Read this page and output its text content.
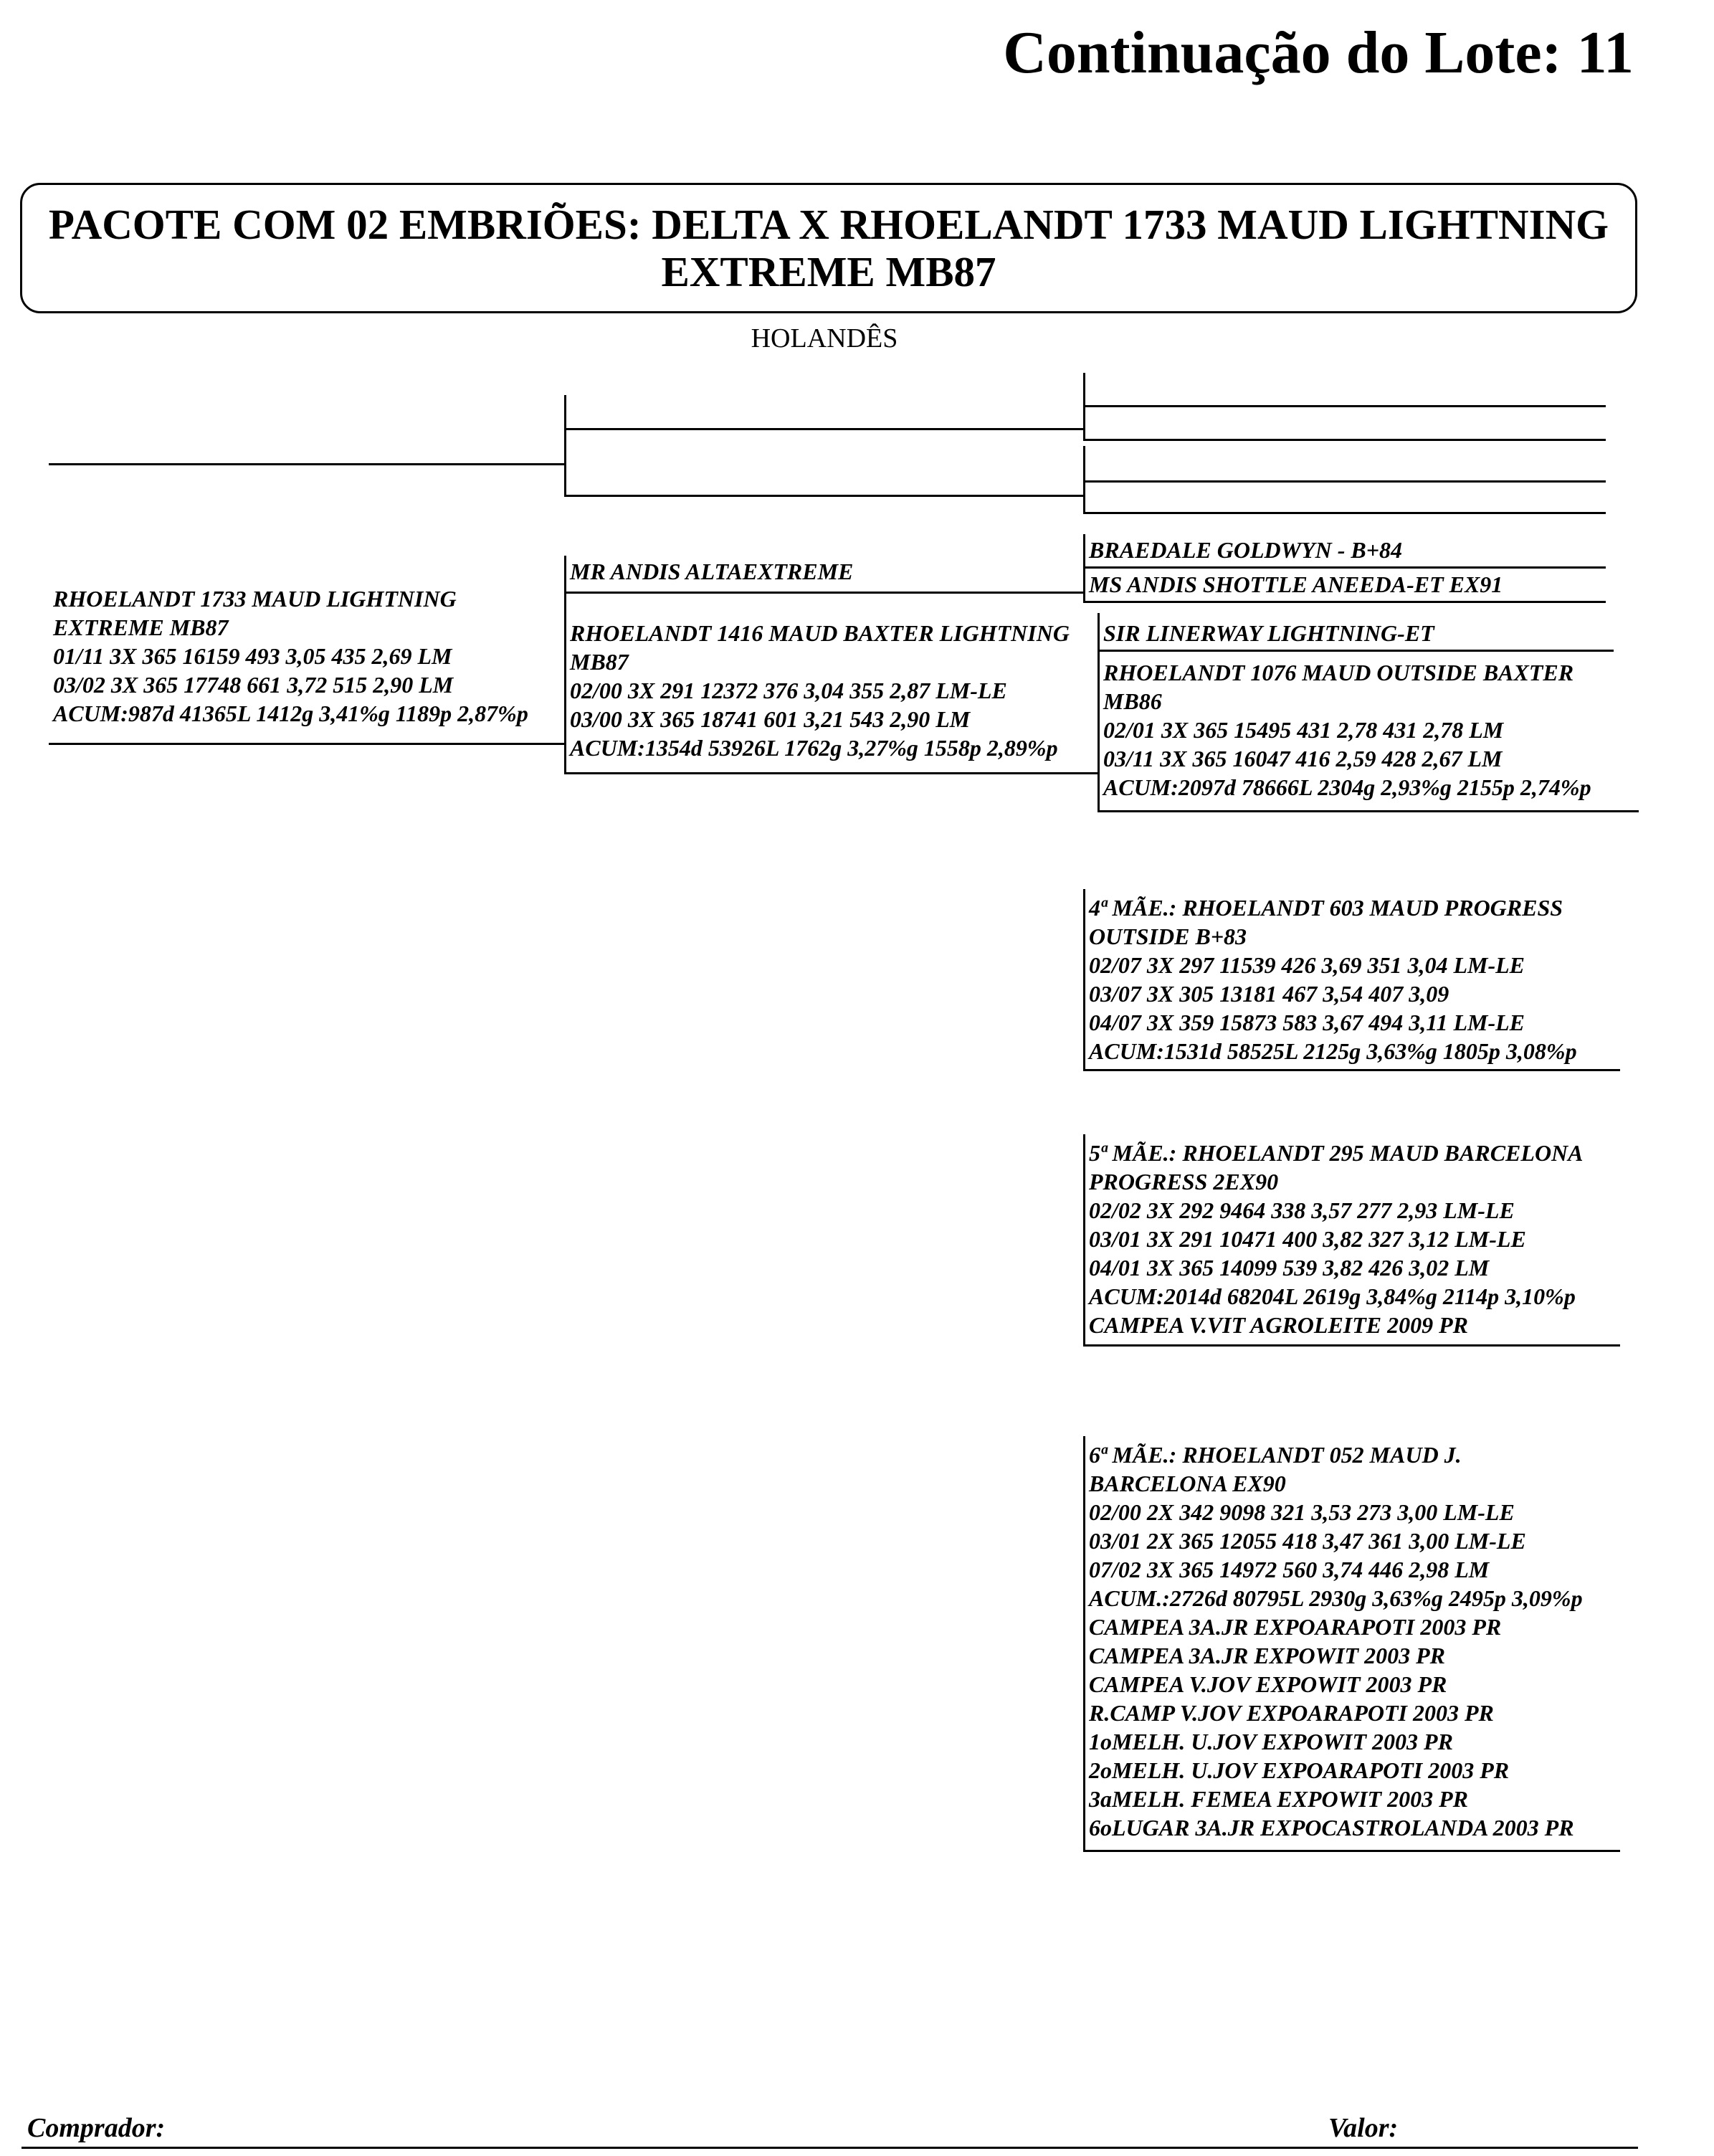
Continuação do Lote: 11
PACOTE COM 02 EMBRIÕES: DELTA X RHOELANDT 1733 MAUD LIGHTNING EXTREME MB87
HOLANDÊS
RHOELANDT 1733 MAUD LIGHTNING
EXTREME MB87
01/11 3X 365 16159 493 3,05 435 2,69 LM
03/02 3X 365 17748 661 3,72 515 2,90 LM
ACUM:987d 41365L 1412g 3,41%g 1189p 2,87%p
MR ANDIS ALTAEXTREME
RHOELANDT 1416 MAUD BAXTER LIGHTNING
MB87
02/00 3X 291 12372 376 3,04 355 2,87 LM-LE
03/00 3X 365 18741 601 3,21 543 2,90 LM
ACUM:1354d 53926L 1762g 3,27%g 1558p 2,89%p
BRAEDALE GOLDWYN - B+84
MS ANDIS SHOTTLE ANEEDA-ET EX91
SIR LINERWAY LIGHTNING-ET
RHOELANDT 1076 MAUD OUTSIDE BAXTER
MB86
02/01 3X 365 15495 431 2,78 431 2,78 LM
03/11 3X 365 16047 416 2,59 428 2,67 LM
ACUM:2097d 78666L 2304g 2,93%g 2155p 2,74%p
4ª MÃE.: RHOELANDT 603 MAUD PROGRESS
OUTSIDE B+83
02/07 3X 297 11539 426 3,69 351 3,04 LM-LE
03/07 3X 305 13181 467 3,54 407 3,09
04/07 3X 359 15873 583 3,67 494 3,11 LM-LE
ACUM:1531d 58525L 2125g 3,63%g 1805p 3,08%p
5ª MÃE.: RHOELANDT 295 MAUD BARCELONA
PROGRESS 2EX90
02/02 3X 292 9464 338 3,57 277 2,93 LM-LE
03/01 3X 291 10471 400 3,82 327 3,12 LM-LE
04/01 3X 365 14099 539 3,82 426 3,02 LM
ACUM:2014d 68204L 2619g 3,84%g 2114p 3,10%p
CAMPEA V.VIT AGROLEITE 2009 PR
6ª MÃE.: RHOELANDT 052 MAUD J.
BARCELONA EX90
02/00 2X 342 9098 321 3,53 273 3,00 LM-LE
03/01 2X 365 12055 418 3,47 361 3,00 LM-LE
07/02 3X 365 14972 560 3,74 446 2,98 LM
ACUM.:2726d 80795L 2930g 3,63%g 2495p 3,09%p
CAMPEA 3A.JR EXPOARAPOTI 2003 PR
CAMPEA 3A.JR EXPOWIT 2003 PR
CAMPEA V.JOV EXPOWIT 2003 PR
R.CAMP V.JOV EXPOARAPOTI 2003 PR
1oMELH. U.JOV EXPOWIT 2003 PR
2oMELH. U.JOV EXPOARAPOTI 2003 PR
3aMELH. FEMEA EXPOWIT 2003 PR
6oLUGAR 3A.JR EXPOCASTROLANDA 2003 PR
Comprador:	Valor:
